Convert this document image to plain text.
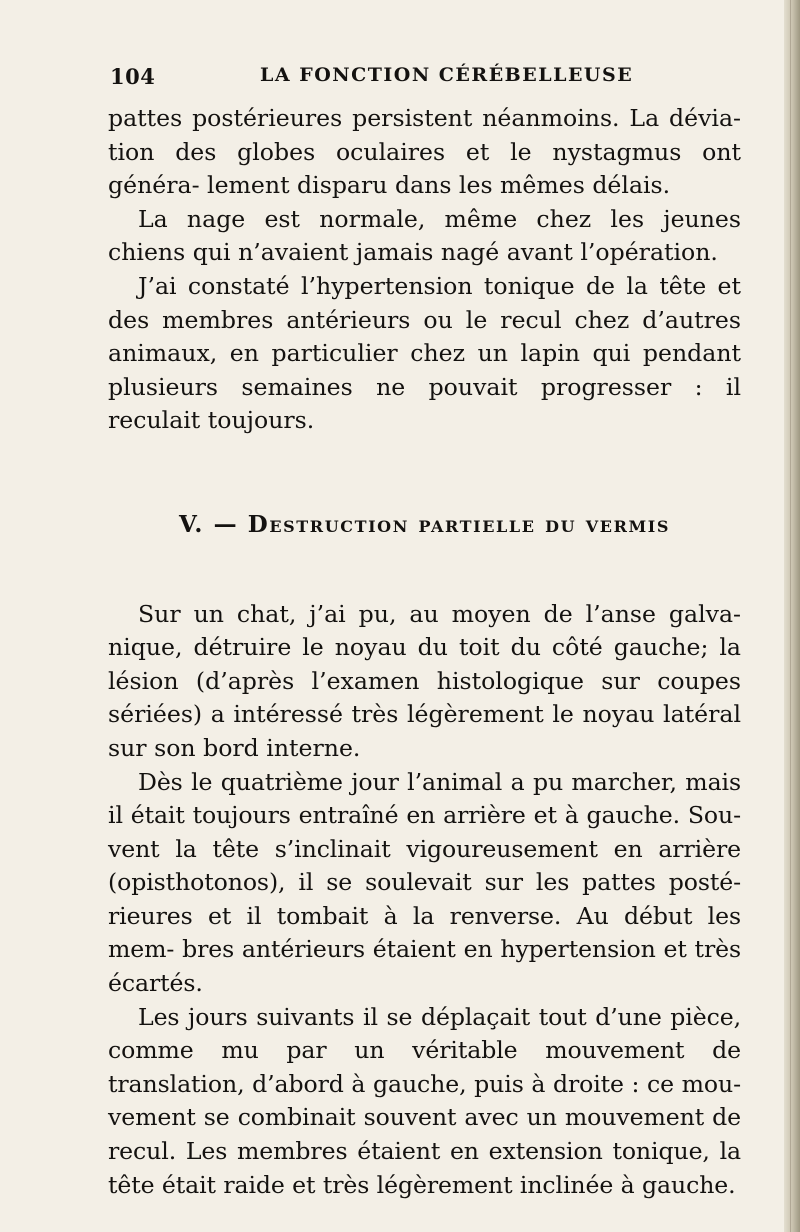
104	LA FONCTION CÉRÉBELLEUSE

pattes postérieures persistent néanmoins. La dévia- tion des globes oculaires et le nystagmus ont généra- lement disparu dans les mêmes délais.

La nage est normale, même chez les jeunes chiens qui n’avaient jamais nagé avant l’opération.

J’ai constaté l’hypertension tonique de la tête et des membres antérieurs ou le recul chez d’autres animaux, en particulier chez un lapin qui pendant plusieurs semaines ne pouvait progresser : il reculait toujours.

V. — Destruction partielle du vermis

Sur un chat, j’ai pu, au moyen de l’anse galva- nique, détruire le noyau du toit du côté gauche; la lésion (d’après l’examen histologique sur coupes sériées) a intéressé très légèrement le noyau latéral sur son bord interne.

Dès le quatrième jour l’animal a pu marcher, mais il était toujours entraîné en arrière et à gauche. Sou- vent la tête s’inclinait vigoureusement en arrière (opisthotonos), il se soulevait sur les pattes posté- rieures et il tombait à la renverse. Au début les mem- bres antérieurs étaient en hypertension et très écartés.

Les jours suivants il se déplaçait tout d’une pièce, comme mu par un véritable mouvement de translation, d’abord à gauche, puis à droite : ce mou- vement se combinait souvent avec un mouvement de recul. Les membres étaient en extension tonique, la tête était raide et très légèrement inclinée à gauche.
